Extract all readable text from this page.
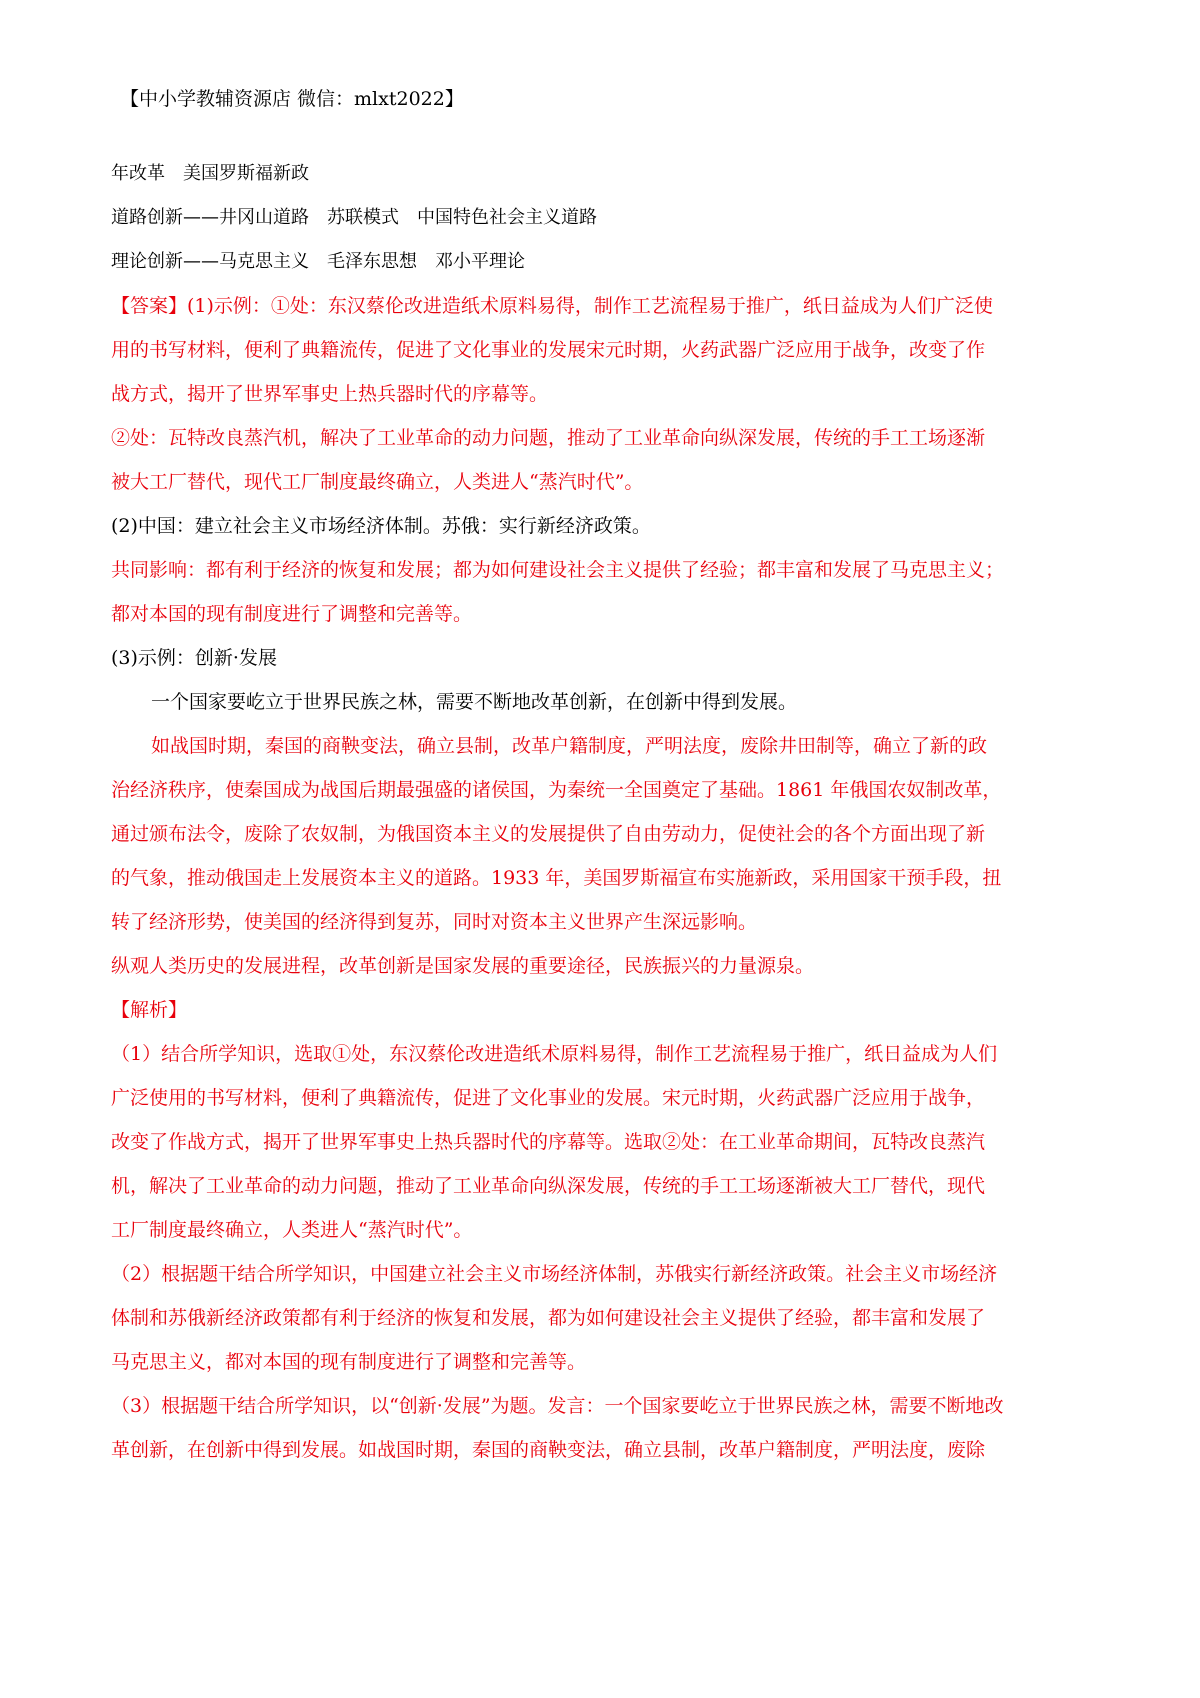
【中小学教辅资源店 微信：mlxt2022】

年改革　美国罗斯福新政

道路创新——井冈山道路　苏联模式　中国特色社会主义道路

理论创新——马克思主义　毛泽东思想　邓小平理论

【答案】(1)示例：①处：东汉蔡伦改进造纸术原料易得，制作工艺流程易于推广，纸日益成为人们广泛使

用的书写材料，便利了典籍流传，促进了文化事业的发展宋元时期，火药武器广泛应用于战争，改变了作

战方式，揭开了世界军事史上热兵器时代的序幕等。

②处：瓦特改良蒸汽机，解决了工业革命的动力问题，推动了工业革命向纵深发展，传统的手工工场逐渐

被大工厂替代，现代工厂制度最终确立，人类进人“蒸汽时代”。

(2)中国：建立社会主义市场经济体制。苏俄：实行新经济政策。

共同影响：都有利于经济的恢复和发展；都为如何建设社会主义提供了经验；都丰富和发展了马克思主义；

都对本国的现有制度进行了调整和完善等。

(3)示例：创新·发展

一个国家要屹立于世界民族之林，需要不断地改革创新，在创新中得到发展。

如战国时期，秦国的商鞅变法，确立县制，改革户籍制度，严明法度，废除井田制等，确立了新的政

治经济秩序，使秦国成为战国后期最强盛的诸侯国，为秦统一全国奠定了基础。1861 年俄国农奴制改革，

通过颁布法令，废除了农奴制，为俄国资本主义的发展提供了自由劳动力，促使社会的各个方面出现了新

的气象，推动俄国走上发展资本主义的道路。1933 年，美国罗斯福宣布实施新政，采用国家干预手段，扭

转了经济形势，使美国的经济得到复苏，同时对资本主义世界产生深远影响。

纵观人类历史的发展进程，改革创新是国家发展的重要途径，民族振兴的力量源泉。

【解析】

（1）结合所学知识，选取①处，东汉蔡伦改进造纸术原料易得，制作工艺流程易于推广，纸日益成为人们

广泛使用的书写材料，便利了典籍流传，促进了文化事业的发展。宋元时期，火药武器广泛应用于战争，

改变了作战方式，揭开了世界军事史上热兵器时代的序幕等。选取②处：在工业革命期间，瓦特改良蒸汽

机，解决了工业革命的动力问题，推动了工业革命向纵深发展，传统的手工工场逐渐被大工厂替代，现代

工厂制度最终确立，人类进人“蒸汽时代”。

（2）根据题干结合所学知识，中国建立社会主义市场经济体制，苏俄实行新经济政策。社会主义市场经济

体制和苏俄新经济政策都有利于经济的恢复和发展，都为如何建设社会主义提供了经验，都丰富和发展了

马克思主义，都对本国的现有制度进行了调整和完善等。

（3）根据题干结合所学知识，以“创新·发展”为题。发言：一个国家要屹立于世界民族之林，需要不断地改

革创新，在创新中得到发展。如战国时期，秦国的商鞅变法，确立县制，改革户籍制度，严明法度，废除
